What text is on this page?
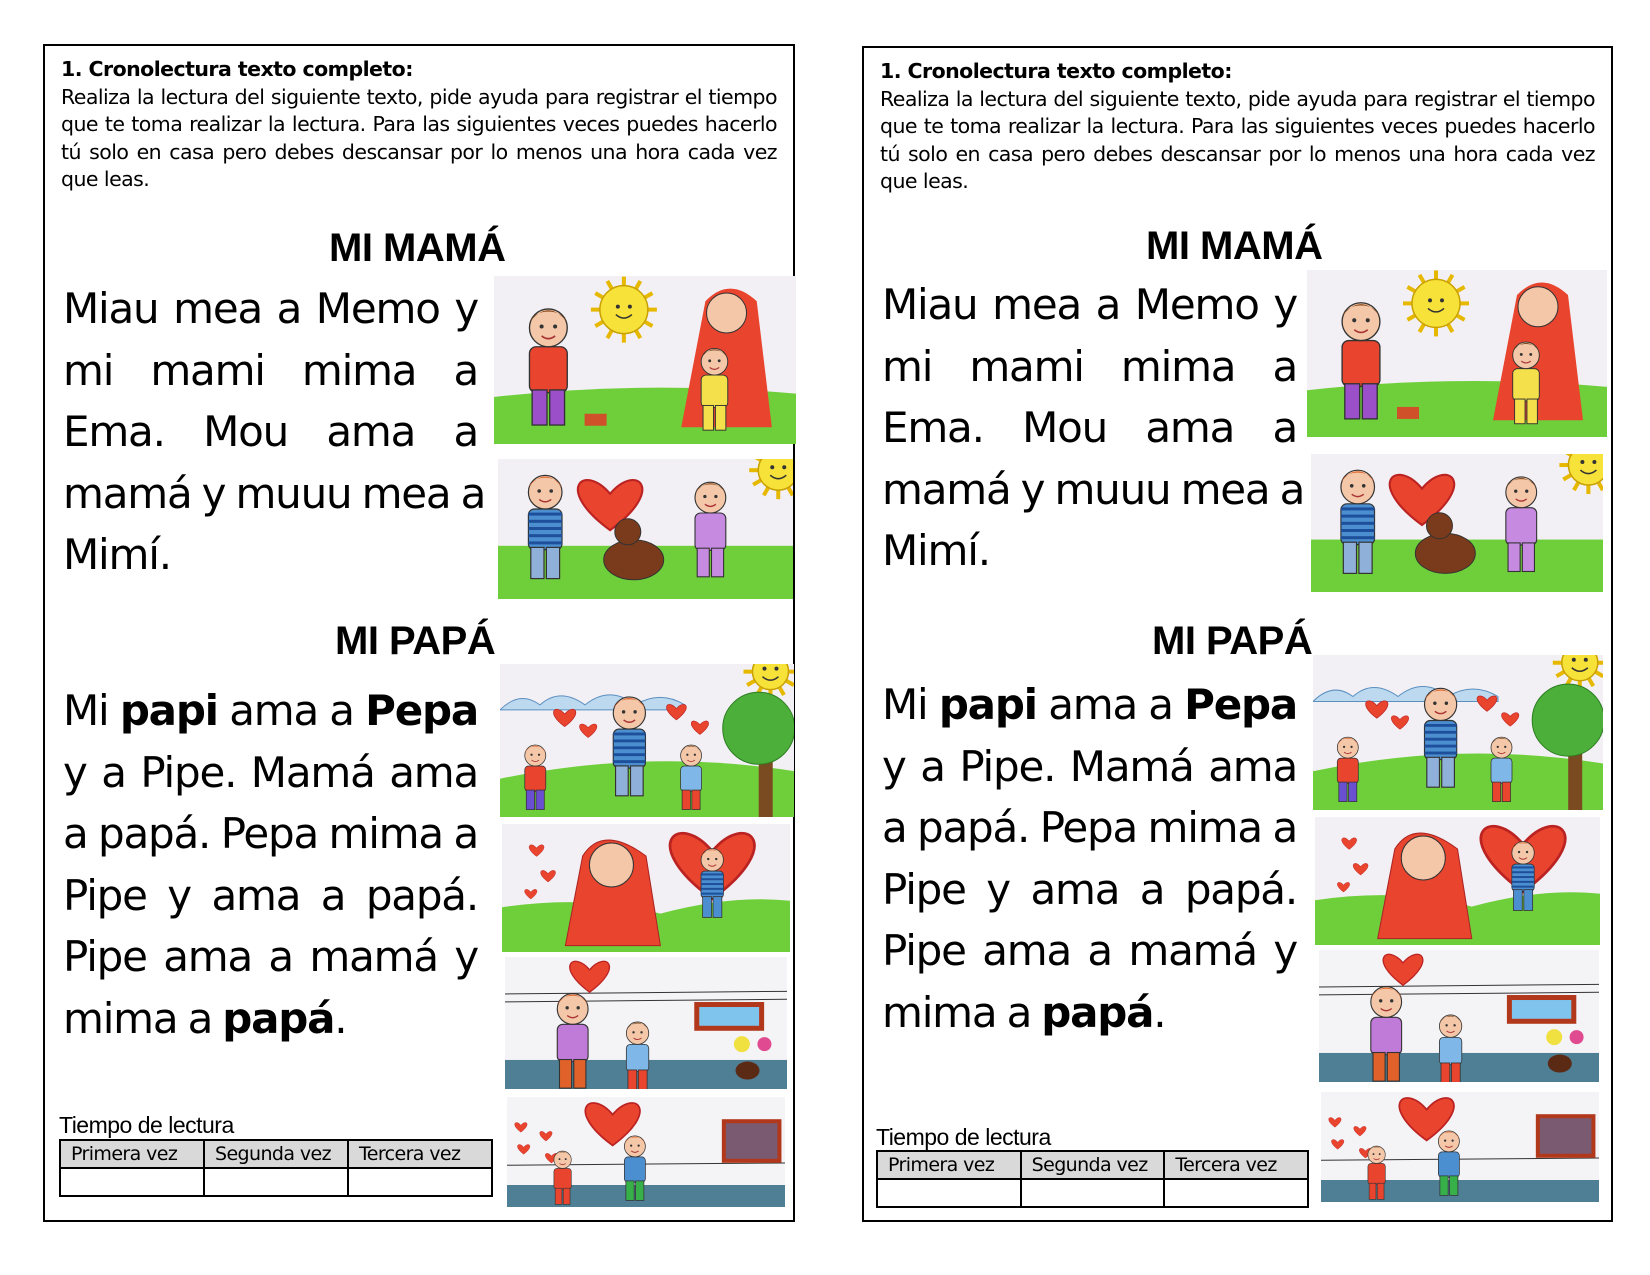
1. Cronolectura texto completo:
Realiza la lectura del siguiente texto, pide ayuda para registrar el tiempo que te toma realizar la lectura. Para las siguientes veces puedes hacerlo tú solo en casa pero debes descansar por lo menos una hora cada vez que leas.
MI MAMÁ
Miau mea a Memo y
mi mami mima a
Ema. Mou ama a
mamá y muuu mea a
Mimí.
MI PAPÁ
Mi papi ama a Pepa
y a Pipe. Mamá ama
a papá. Pepa mima a
Pipe y ama a papá.
Pipe ama a mamá y
mima a papá.
Tiempo de lectura
Primera vez	Segunda vez	Tercera vez

1. Cronolectura texto completo:
Realiza la lectura del siguiente texto, pide ayuda para registrar el tiempo que te toma realizar la lectura. Para las siguientes veces puedes hacerlo tú solo en casa pero debes descansar por lo menos una hora cada vez que leas.
MI MAMÁ
Miau mea a Memo y
mi mami mima a
Ema. Mou ama a
mamá y muuu mea a
Mimí.
MI PAPÁ
Mi papi ama a Pepa
y a Pipe. Mamá ama
a papá. Pepa mima a
Pipe y ama a papá.
Pipe ama a mamá y
mima a papá.
Tiempo de lectura
Primera vez	Segunda vez	Tercera vez
